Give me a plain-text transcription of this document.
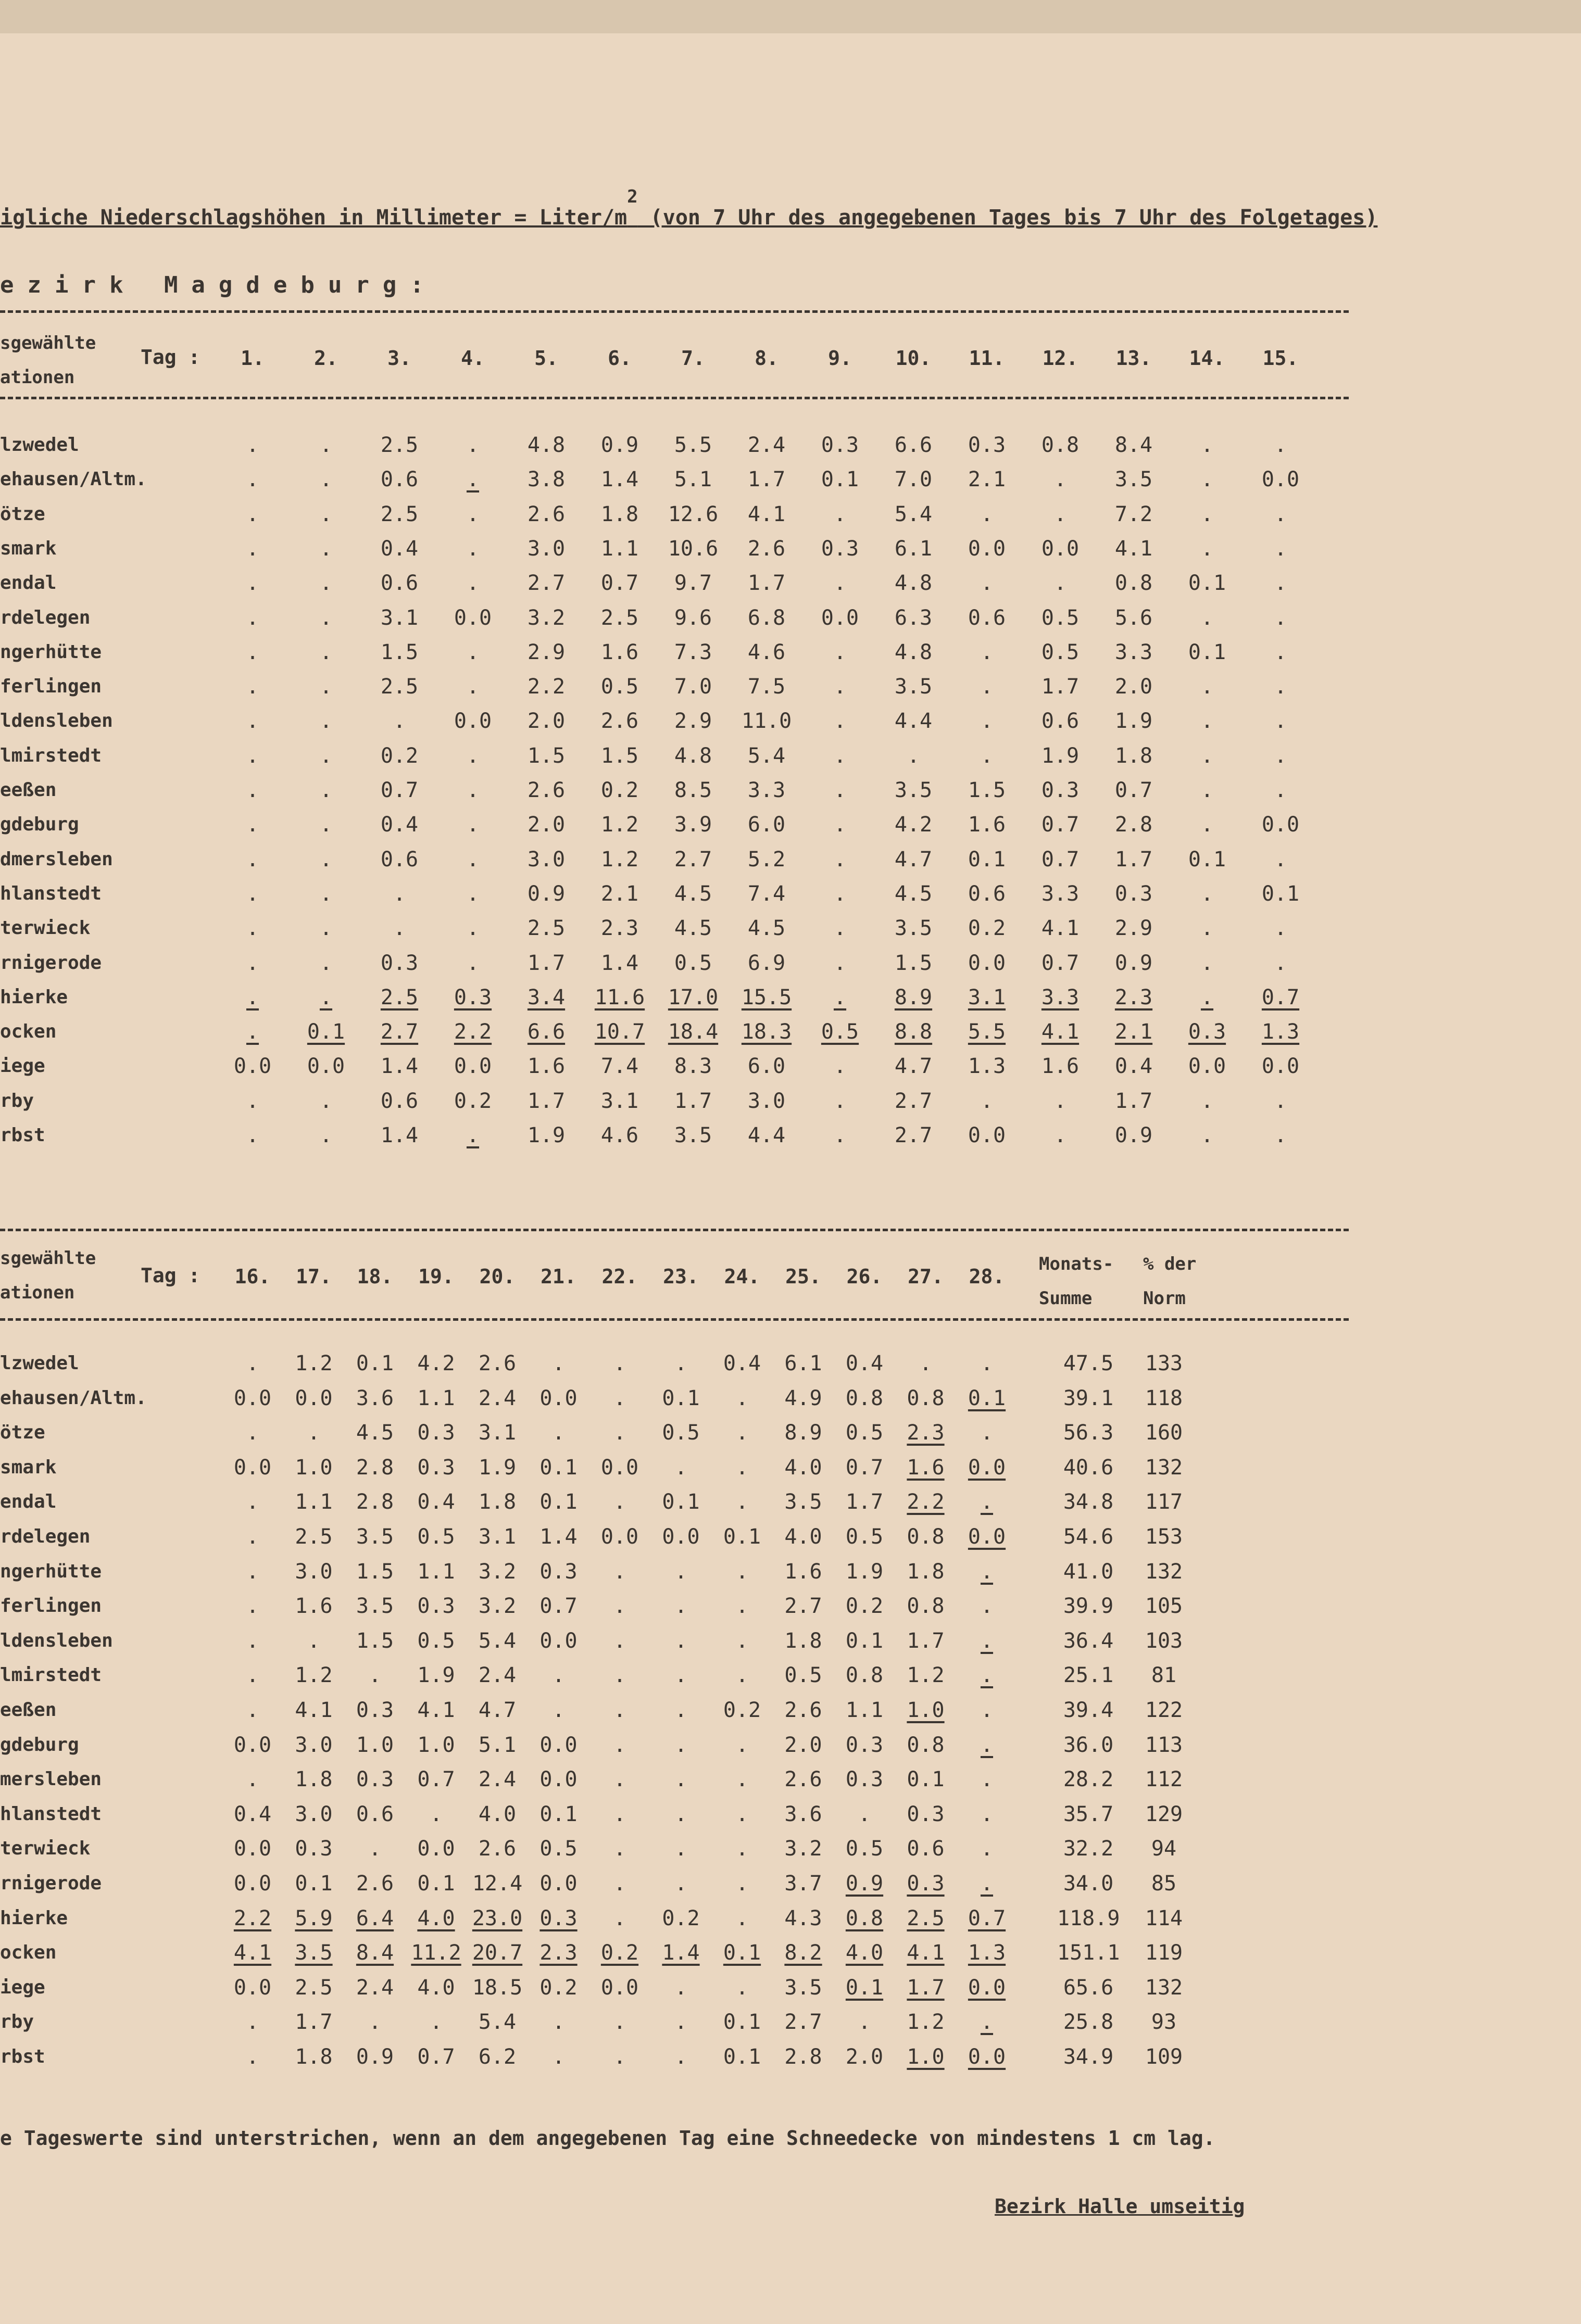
igliche Niederschlagshöhen in Millimeter = Liter/$m^2$ (von 7 Uhr des angegebenen Tages bis 7 Uhr des Folgetages)
ezirk Magdeburg:
sgewählte
ationen
Tag :	1.	2.	3.	4.	5.	6.	7.	8.	9.	10.	11.	12.	13.	14.	15.
lzwedel	.	.	2.5	.	4.8	0.9	5.5	2.4	0.3	6.6	0.3	0.8	8.4	.	.
ehausen/Altm.	.	.	0.6	.	3.8	1.4	5.1	1.7	0.1	7.0	2.1	.	3.5	.	0.0
ötze	.	.	2.5	.	2.6	1.8	12.6	4.1	.	5.4	.	.	7.2	.	.
smark	.	.	0.4	.	3.0	1.1	10.6	2.6	0.3	6.1	0.0	0.0	4.1	.	.
endal	.	.	0.6	.	2.7	0.7	9.7	1.7	.	4.8	.	.	0.8	0.1	.
rdelegen	.	.	3.1	0.0	3.2	2.5	9.6	6.8	0.0	6.3	0.6	0.5	5.6	.	.
ngerhütte	.	.	1.5	.	2.9	1.6	7.3	4.6	.	4.8	.	0.5	3.3	0.1	.
ferlingen	.	.	2.5	.	2.2	0.5	7.0	7.5	.	3.5	.	1.7	2.0	.	.
ldensleben	.	.	.	0.0	2.0	2.6	2.9	11.0	.	4.4	.	0.6	1.9	.	.
lmirstedt	.	.	0.2	.	1.5	1.5	4.8	5.4	.	.	.	1.9	1.8	.	.
eeßen	.	.	0.7	.	2.6	0.2	8.5	3.3	.	3.5	1.5	0.3	0.7	.	.
gdeburg	.	.	0.4	.	2.0	1.2	3.9	6.0	.	4.2	1.6	0.7	2.8	.	0.0
dmersleben	.	.	0.6	.	3.0	1.2	2.7	5.2	.	4.7	0.1	0.7	1.7	0.1	.
hlanstedt	.	.	.	.	0.9	2.1	4.5	7.4	.	4.5	0.6	3.3	0.3	.	0.1
terwieck	.	.	.	.	2.5	2.3	4.5	4.5	.	3.5	0.2	4.1	2.9	.	.
rnigerode	.	.	0.3	.	1.7	1.4	0.5	6.9	.	1.5	0.0	0.7	0.9	.	.
hierke	.	.	2.5	0.3	3.4	11.6 17.0 15.5	.	8.9	3.1	3.3	2.3	.	0.7
ocken	.	0.1	2.7	2.2	6.6	10.7 18.4 18.3	0.5	8.8	5.5	4.1	2.1	0.3	1.3
iege	0.0	0.0	1.4	0.0	1.6	7.4	8.3	6.0	.	4.7	1.3	1.6	0.4	0.0	0.0
rby	.	.	0.6	0.2	1.7	3.1	1.7	3.0	.	2.7	.	.	1.7	.	.
rbst	.	.	1.4	.	1.9	4.6	3.5	4.4	.	2.7	0.0	.	0.9	.	.
sgewählte
ationen
Tag :	16.	17.	18.	19.	20.	21.	22.	23.	24.	25.	26.	27.	28.
Monats-
Summe
% der
Norm
lzwedel	.	1.2	0.1	4.2	2.6	.	.	.	0.4	6.1	0.4	.	.	47.5	133
ehausen/Altm.	0.0	0.0	3.6	1.1	2.4	0.0	.	0.1	.	4.9	0.8	0.8	0.1	39.1	118
ötze	.	.	4.5	0.3	3.1	.	.	0.5	.	8.9	0.5	2.3	.	56.3	160
smark	0.0	1.0	2.8	0.3	1.9	0.1	0.0	.	.	4.0	0.7	1.6	0.0	40.6	132
endal	.	1.1	2.8	0.4	1.8	0.1	.	0.1	.	3.5	1.7	2.2	.	34.8	117
rdelegen	.	2.5	3.5	0.5	3.1	1.4	0.0	0.0	0.1	4.0	0.5	0.8	0.0	54.6	153
ngerhütte	.	3.0	1.5	1.1	3.2	0.3	.	.	.	1.6	1.9	1.8	.	41.0	132
ferlingen	.	1.6	3.5	0.3	3.2	0.7	.	.	.	2.7	0.2	0.8	.	39.9	105
ldensleben	.	.	1.5	0.5	5.4	0.0	.	.	.	1.8	0.1	1.7	.	36.4	103
lmirstedt	.	1.2	.	1.9	2.4	.	.	.	.	0.5	0.8	1.2	.	25.1	81
eeßen	.	4.1	0.3	4.1	4.7	.	.	.	0.2	2.6	1.1	1.0	.	39.4	122
gdeburg	0.0	3.0	1.0	1.0	5.1	0.0	.	.	.	2.0	0.3	0.8	.	36.0	113
mersleben	.	1.8	0.3	0.7	2.4	0.0	.	.	.	2.6	0.3	0.1	.	28.2	112
hlanstedt	0.4	3.0	0.6	.	4.0	0.1	.	.	.	3.6	.	0.3	.	35.7	129
terwieck	0.0	0.3	.	0.0	2.6	0.5	.	.	.	3.2	0.5	0.6	.	32.2	94
rnigerode	0.0	0.1	2.6	0.1 12.4 0.0	.	.	.	3.7	0.9	0.3	.	34.0	85
hierke	2.2	5.9	6.4	4.0 23.0 0.3	.	0.2	.	4.3	0.8	2.5	0.7	118.9	114
ocken	4.1	3.5	8.4 11.2 20.7 2.3	0.2	1.4	0.1	8.2	4.0	4.1	1.3	151.1	119
iege	0.0	2.5	2.4	4.0 18.5 0.2	0.0	.	.	3.5	0.1	1.7	0.0	65.6	132
rby	.	1.7	.	.	5.4	.	.	.	0.1	2.7	.	1.2	.	25.8	93
rbst	.	1.8	0.9	0.7	6.2	.	.	.	0.1	2.8	2.0	1.0	0.0	34.9	109
e Tageswerte sind unterstrichen, wenn an dem angegebenen Tag eine Schneedecke von mindestens 1 cm lag.
Bezirk Halle umseitig
